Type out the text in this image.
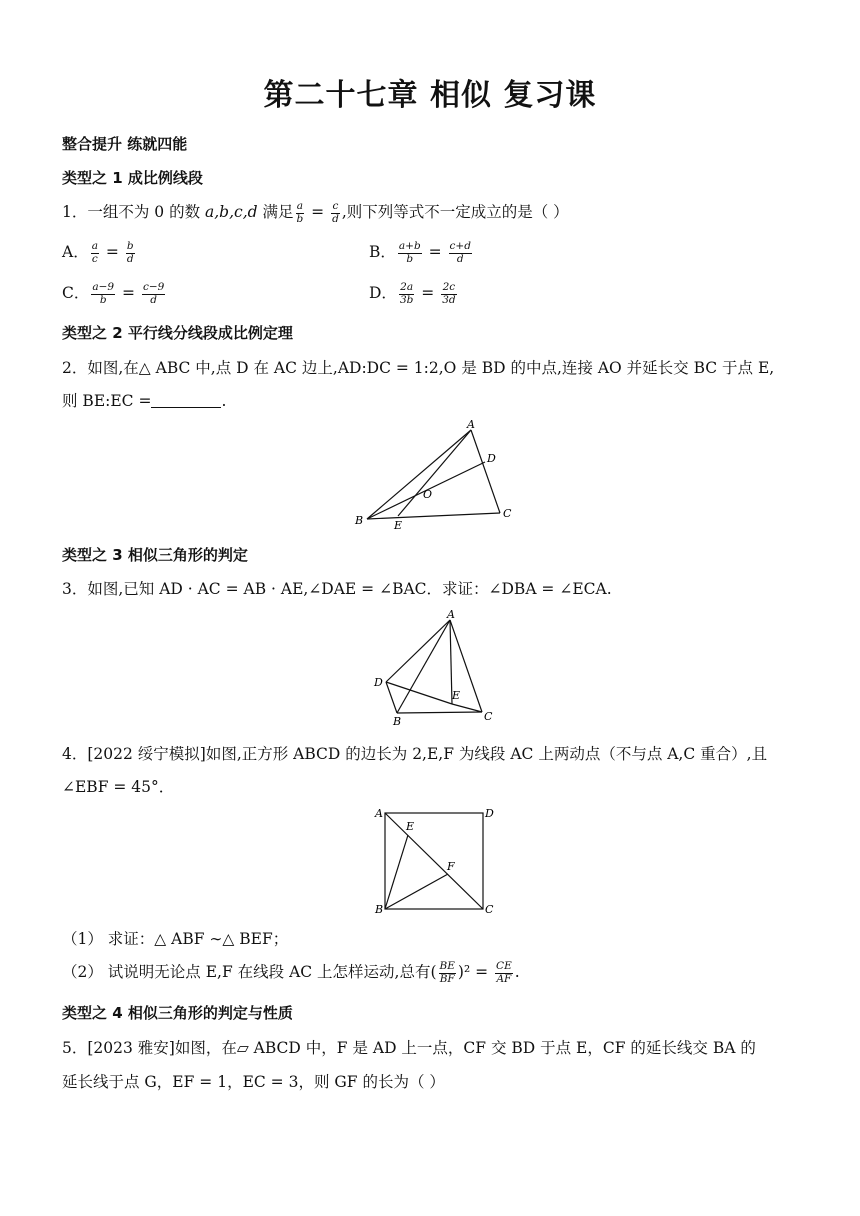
第二十七章 相似 复习课
整合提升 练就四能
类型之 1 成比例线段
1．一组不为 0 的数 a,b,c,d 满足 $\frac{a}{b} = \frac{c}{d}$ ,则下列等式不一定成立的是（ ）
A． $\frac{a}{c} = \frac{b}{d}$	B． $\frac{a+b}{b} = \frac{c+d}{d}$
C． $\frac{a-9}{b} = \frac{c-9}{d}$	D． $\frac{2a}{3b} = \frac{2c}{3d}$
类型之 2 平行线分线段成比例定理
2．如图,在△ ABC 中,点 D 在 AC 边上,AD:DC = 1:2,O 是 BD 的中点,连接 AO 并延长交 BC 于点 E,
则 BE:EC =	.
A
B
C
D
O
E
类型之 3 相似三角形的判定
3．如图,已知 AD · AC = AB · AE,∠DAE = ∠BAC．求证：∠DBA = ∠ECA.
A
D
B	C
E
4．[2022 绥宁模拟]如图,正方形 ABCD 的边长为 2,E,F 为线段 AC 上两动点（不与点 A,C 重合）,且
∠EBF = 45°．
A	D
B	C
E
F
（1） 求证：△ ABF ∼△ BEF；
（2） 试说明无论点 E,F 在线段 AC 上怎样运动,总有( $\frac{BE}{BF} )^2 = \frac{CE}{AF}$ .
类型之 4 相似三角形的判定与性质
5．[2023 雅安]如图，在▱ ABCD 中，F 是 AD 上一点，CF 交 BD 于点 E，CF 的延长线交 BA 的
延长线于点 G，EF = 1，EC = 3，则 GF 的长为（ ）
